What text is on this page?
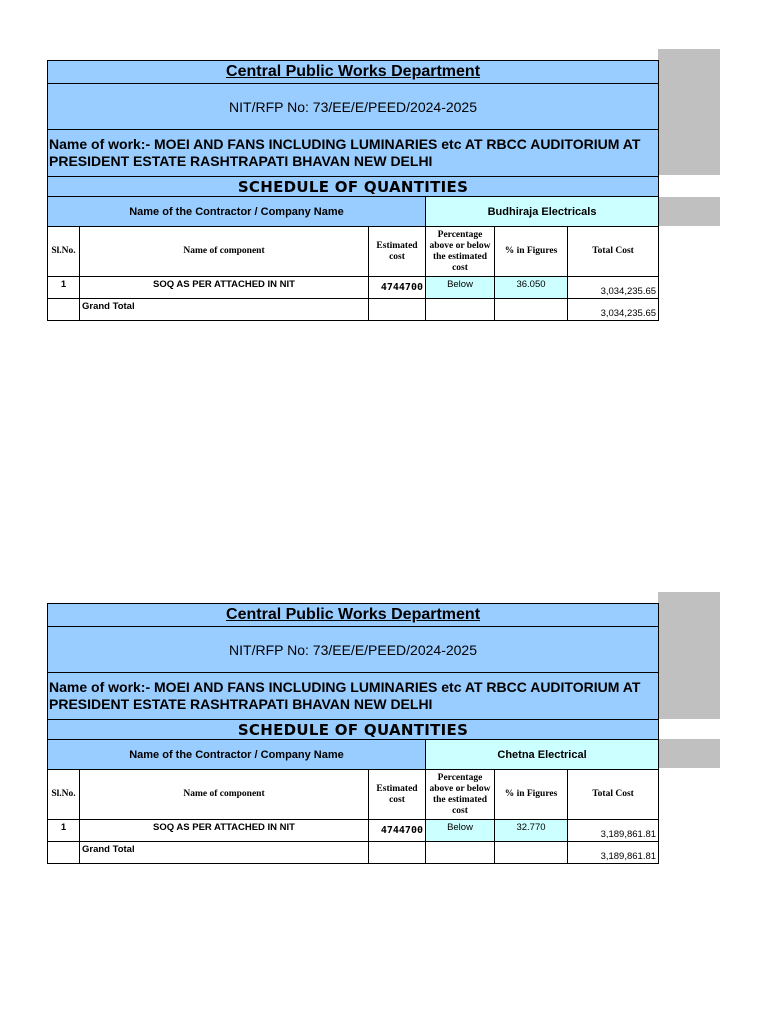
Central Public Works Department					
NIT/RFP No: 73/EE/E/PEED/2024-2025					
Name of work:- MOEI AND FANS INCLUDING LUMINARIES etc AT RBCC AUDITORIUM AT PRESIDENT ESTATE RASHTRAPATI BHAVAN NEW DELHI					
SCHEDULE OF QUANTITIES					
Name of the Contractor / Company Name			Budhiraja Electricals		
Sl.No.	Name of component	Estimated cost	Percentage above or below the estimated cost	% in Figures	Total Cost
1	SOQ AS PER ATTACHED IN NIT	4744700	Below	36.050	3,034,235.65
	Grand Total				3,034,235.65
Central Public Works Department					
NIT/RFP No: 73/EE/E/PEED/2024-2025					
Name of work:- MOEI AND FANS INCLUDING LUMINARIES etc AT RBCC AUDITORIUM AT PRESIDENT ESTATE RASHTRAPATI BHAVAN NEW DELHI					
SCHEDULE OF QUANTITIES					
Name of the Contractor / Company Name			Chetna Electrical		
Sl.No.	Name of component	Estimated cost	Percentage above or below the estimated cost	% in Figures	Total Cost
1	SOQ AS PER ATTACHED IN NIT	4744700	Below	32.770	3,189,861.81
	Grand Total				3,189,861.81
